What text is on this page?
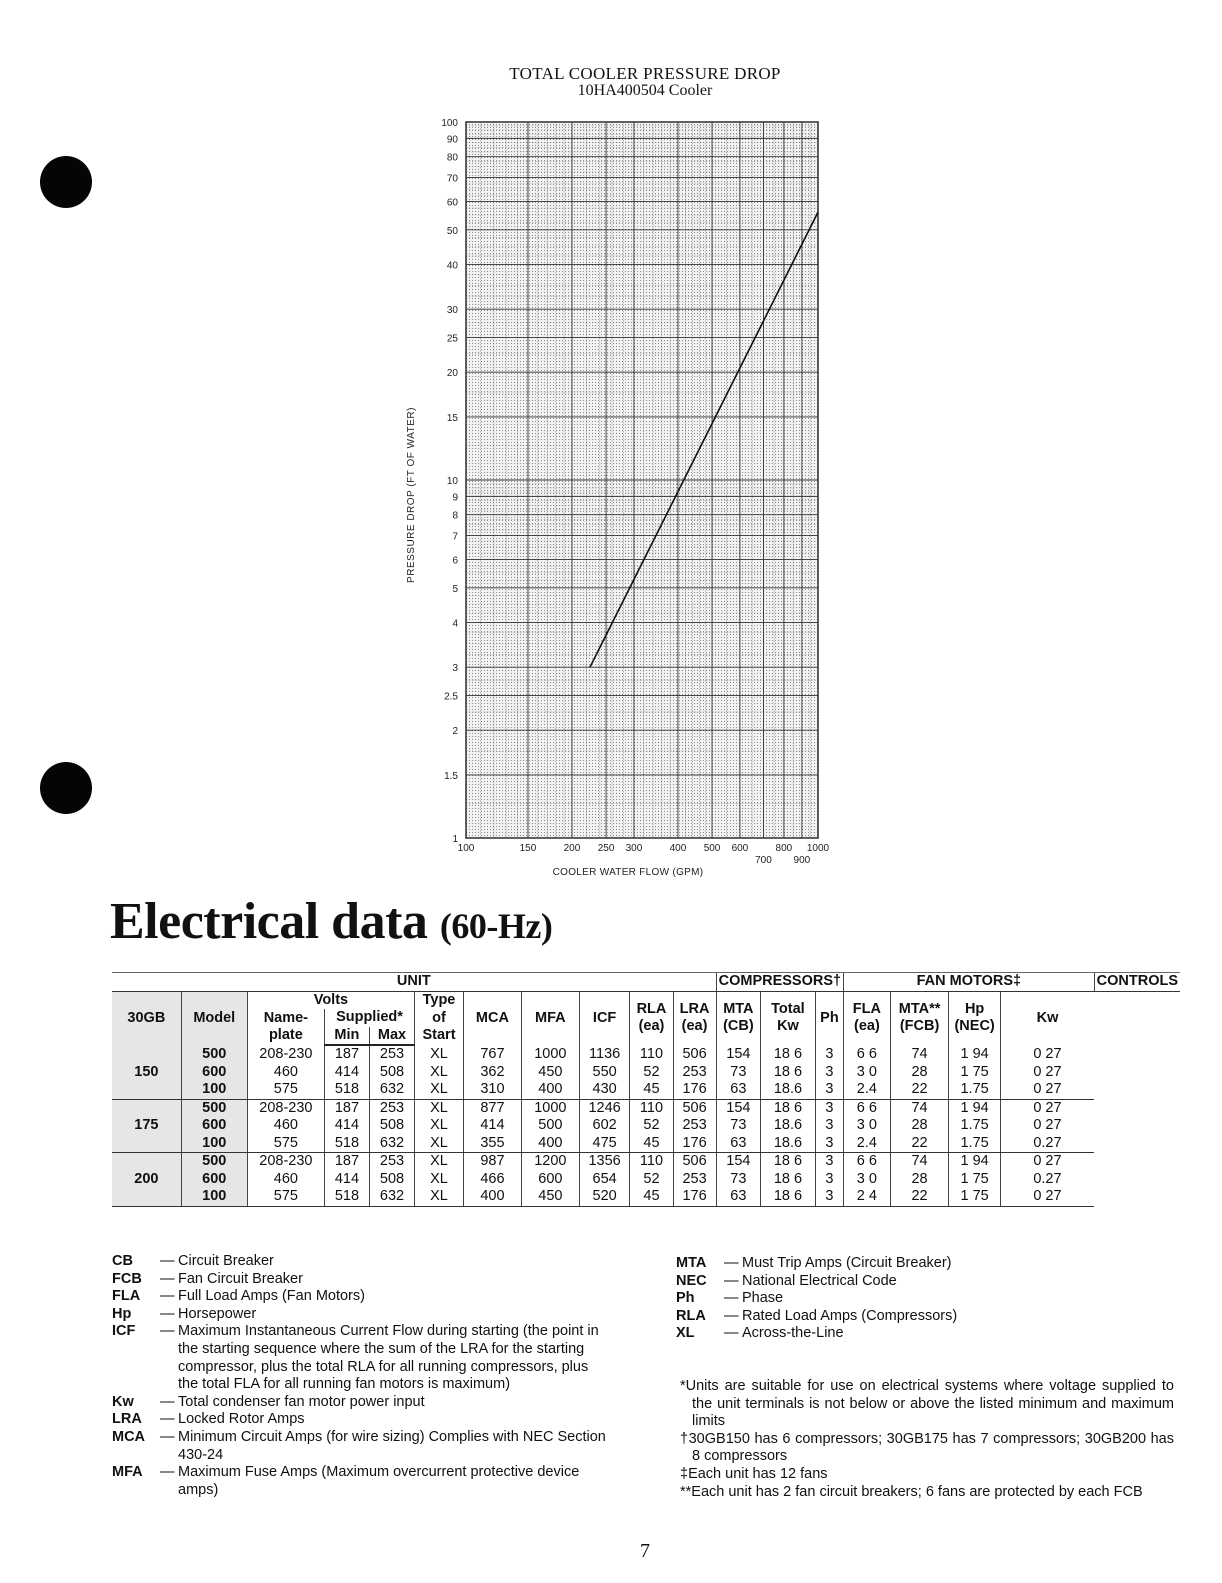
TOTAL COOLER PRESSURE DROP
10HA400504 Cooler
100
90
80
70
60
50
40
30
25
20
15
10
9
8
7
6
5
4
3
2.5
2
1.5
1
100	150	200 250 300	400 500 600
700
800
900
1000
PRESSURE DROP (FT OF WATER)
COOLER WATER FLOW (GPM)
Electrical data (60-Hz)
UNIT											COMPRESSORS†			FAN MOTORS‡				CONTROLS
30GB	Model	Volts			Type of Start	MCA	MFA	ICF	RLA (ea)	LRA (ea)	MTA (CB)	Total Kw	Ph	FLA (ea)	MTA** (FCB)	Hp (NEC)	Kw	
		Name-plate	Supplied*															
			Min	Max														
	500	208-230	187	253	XL	767	1000	1136	110	506	154	18 6	3	6 6	74	1 94	0 27	
150	600	460	414	508	XL	362	450	550	52	253	73	18 6	3	3 0	28	1 75	0 27	
	100	575	518	632	XL	310	400	430	45	176	63	18.6	3	2.4	22	1.75	0 27	
	500	208-230	187	253	XL	877	1000	1246	110	506	154	18 6	3	6 6	74	1 94	0 27	
175	600	460	414	508	XL	414	500	602	52	253	73	18.6	3	3 0	28	1.75	0 27	
	100	575	518	632	XL	355	400	475	45	176	63	18.6	3	2.4	22	1.75	0.27	
	500	208-230	187	253	XL	987	1200	1356	110	506	154	18 6	3	6 6	74	1 94	0 27	
200	600	460	414	508	XL	466	600	654	52	253	73	18 6	3	3 0	28	1 75	0.27	
	100	575	518	632	XL	400	450	520	45	176	63	18 6	3	2 4	22	1 75	0 27	
CB	— Circuit Breaker
FCB	— Fan Circuit Breaker
FLA	— Full Load Amps (Fan Motors)
Hp	— Horsepower
ICF	— Maximum Instantaneous Current Flow during starting (the point in the starting sequence where the sum of the LRA for the starting compressor, plus the total RLA for all running compressors, plus the total FLA for all running fan motors is maximum)
Kw	— Total condenser fan motor power input
LRA	— Locked Rotor Amps
MCA	— Minimum Circuit Amps (for wire sizing) Complies with NEC Section 430-24
MFA	— Maximum Fuse Amps (Maximum overcurrent protective device amps)
MTA	— Must Trip Amps (Circuit Breaker)
NEC	— National Electrical Code
Ph	— Phase
RLA	— Rated Load Amps (Compressors)
XL	— Across-the-Line

*Units are suitable for use on electrical systems where voltage supplied to the unit terminals is not below or above the listed minimum and maximum limits

†30GB150 has 6 compressors; 30GB175 has 7 compressors; 30GB200 has 8 compressors

‡Each unit has 12 fans

**Each unit has 2 fan circuit breakers; 6 fans are protected by each FCB

7
